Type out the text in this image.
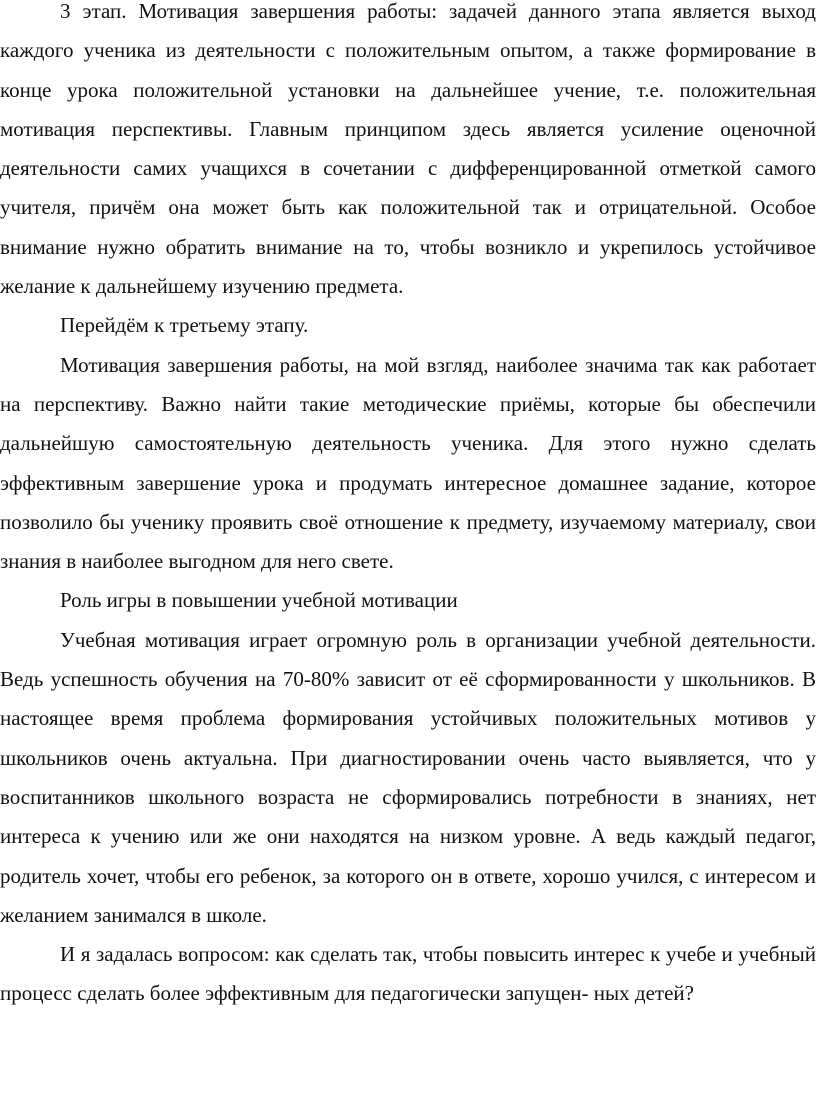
3 этап. Мотивация завершения работы: задачей данного этапа является выход каждого ученика из деятельности с положительным опытом, а также формирование в конце урока положительной установки на дальнейшее учение, т.е. положительная мотивация перспективы. Главным принципом здесь является усиление оценочной деятельности самих учащихся в сочетании с дифференцированной отметкой самого учителя, причём она может быть как положительной так и отрицательной. Особое внимание нужно обратить внимание на то, чтобы возникло и укрепилось устойчивое желание к дальнейшему изучению предмета.

Перейдём к третьему этапу.

Мотивация завершения работы, на мой взгляд, наиболее значима так как работает на перспективу. Важно найти такие методические приёмы, которые бы обеспечили дальнейшую самостоятельную деятельность ученика. Для этого нужно сделать эффективным завершение урока и продумать интересное домашнее задание, которое позволило бы ученику проявить своё отношение к предмету, изучаемому материалу, свои знания в наиболее выгодном для него свете.

Роль игры в повышении учебной мотивации

Учебная мотивация играет огромную роль в организации учебной деятельности. Ведь успешность обучения на 70-80% зависит от её сформированности у школьников. В настоящее время проблема формирования устойчивых положительных мотивов у школьников очень актуальна. При диагностировании очень часто выявляется, что у воспитанников школьного возраста не сформировались потребности в знаниях, нет интереса к учению или же они находятся на низком уровне. А ведь каждый педагог, родитель хочет, чтобы его ребенок, за которого он в ответе, хорошо учился, с интересом и желанием занимался в школе.

И я задалась вопросом: как сделать так, чтобы повысить интерес к учебе и учебный процесс сделать более эффективным для педагогически запущен- ных детей?
